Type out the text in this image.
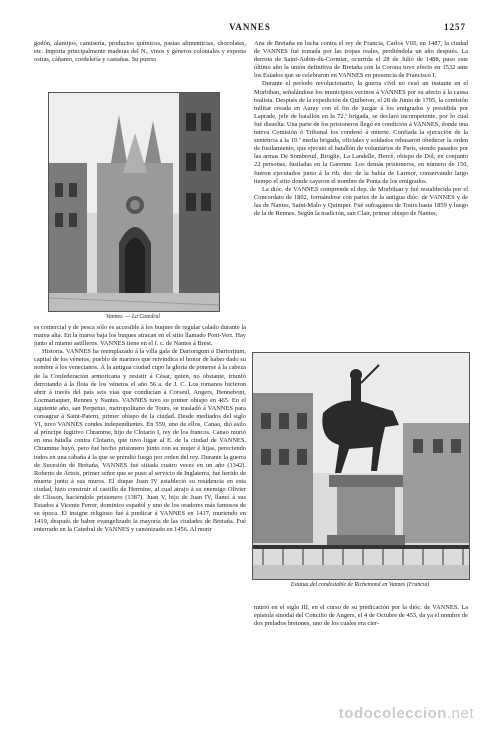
VANNES	1257

godón, alamijos, camisería, productos químicos, pastas alimenticias, chocolates, etc. Importa principalmente maderas del N., vinos y géneros coloniales y exporta ostras, cáñamo, cordelería y castañas. Su puerto

Vannes. — La Catedral

es comercial y de pesca sólo es accesible á los buques de regular calado durante la marea alta. En la marea baja los buques atracan en el sitio llamado Pont-Vert. Hay junto al mismo astilleros. VANNES tiene en el f. c. de Nantes á Brest.

Historia. VANNES ha reemplazado á la villa gala de Dariorigum ó Darioritum, capital de los vénetos, pueblo de marinos que reivindica el honor de haber dado su nombre á los venecianos. Á la antigua ciudad cupo la gloria de ponerse á la cabeza de la Confederación armoricana y resistir á César, quien, no obstante, triunfó derrotando á la flota de los vénetos el año 56 a. de J. C. Los romanos hicieron abrir á través del país seis vías que conducían á Corseul, Angers, Hennebont, Locmariaquer, Rennes y Nantes. VANNES tuvo su primer obispo en 465. En el siguiente año, san Perpetuo, metropolitano de Tours, se trasladó á VANNES para consagrar á Saint-Patern, primer obispo de la ciudad. Desde mediados del siglo VI, tuvo VANNES condes independientes. En 559, uno de ellos, Canao, dió asilo al príncipe fugitivo Chramme, hijo de Clotario I, rey de los francos. Canao murió en una batalla contra Clotario, que tuvo lugar al E. de la ciudad de VANNES. Chramme huyó, pero fué hecho prisionero junto con su mujer é hijas, pereciendo todos en una cabaña á la que se prendió fuego por orden del rey. Durante la guerra de Sucesión de Bretaña, VANNES fué sitiada cuatro veces en un año (1342). Roberto de Artois, primer señor que se puso al servicio de Inglaterra, fué herido de muerte junto á sus muros. El duque Juan IV estableció su residencia en esta ciudad, hizo construir el castillo de Hermine, al cual atrajo á su enemigo Olivier de Clisson, haciéndole prisionero (1387). Juan V, hijo de Juan IV, llamó á sus Estados á Vicente Ferrer, dominico español y uno de los oradores más famosos de su época. El insigne religioso fué á predicar á VANNES en 1417, muriendo en 1419, después de haber evangelizado la mayoría de las ciudades de Bretaña. Fué enterrado en la Catedral de VANNES y canonizado en 1456. Al morir

Ana de Bretaña en lucha contra el rey de Francia, Carlos VIII, en 1487, la ciudad de VANNES fué tomada por las tropas reales, perdiéndola un año después. La derrota de Saint-Aubin-du-Cormier, ocurrida el 28 de Julio de 1488, puso este último año la unión definitiva de Bretaña con la Corona tuvo efecto en 1532 ante los Estados que se celebraron en VANNES en presencia de Francisco I.

Durante el período revolucionario, la guerra civil no cesó un instante en el Morbihan, señalándose los municipios vecinos á VANNES por su afecto á la causa realista. Después de la expedición de Quiberon, el 28 de Junio de 1795, la comisión militar creada en Auray con el fin de juzgar á los emigrados y presidida por Laprade, jefe de batallón en la 72.ª brigada, se declaró incompetente, por lo cual fué disuelta. Una parte de los prisioneros llegó en condición á VANNES, donde una nueva Comisión ó Tribunal los condenó á muerte. Confiada la ejecución de la sentencia á la 19.ª media brigada, oficiales y soldados rehusaron obedecer la orden de fusilamiento, que ejecutó el batallón de voluntarios de París, siendo pasados por las armas De Sombreuil, Broglie, La Landelle, Hercé, obispo de Dol, en conjunto 22 personas, fusiladas en la Garenne. Los demás prisioneros, en número de 150, fueron ejecutados junto á la rib. der. de la bahía de Larmor, conservando largo tiempo el sitio donde cayeron el nombre de Punta de los emigrados.

La dióc. de VANNES comprende el dep. de Morbihan y fué restablecida por el Concordato de 1802, formándose con partes de la antigua dióc. de VANNES y de las de Nantes, Saint-Malo y Quimper. Fué sufragánea de Tours hasta 1859 y luego de la de Rennes. Según la tradición, san Clair, primer obispo de Nantes,

Estatua del condestable de Richemond en Vannes (Francia)

murió en el siglo III, en el curso de su predicación por la dióc. de VANNES. La epístola sinodal del Concilio de Angers, el 4 de Octubre de 453, da ya el nombre de dos prelados bretones, uno de los cuales era cier-

todocoleccion.net
